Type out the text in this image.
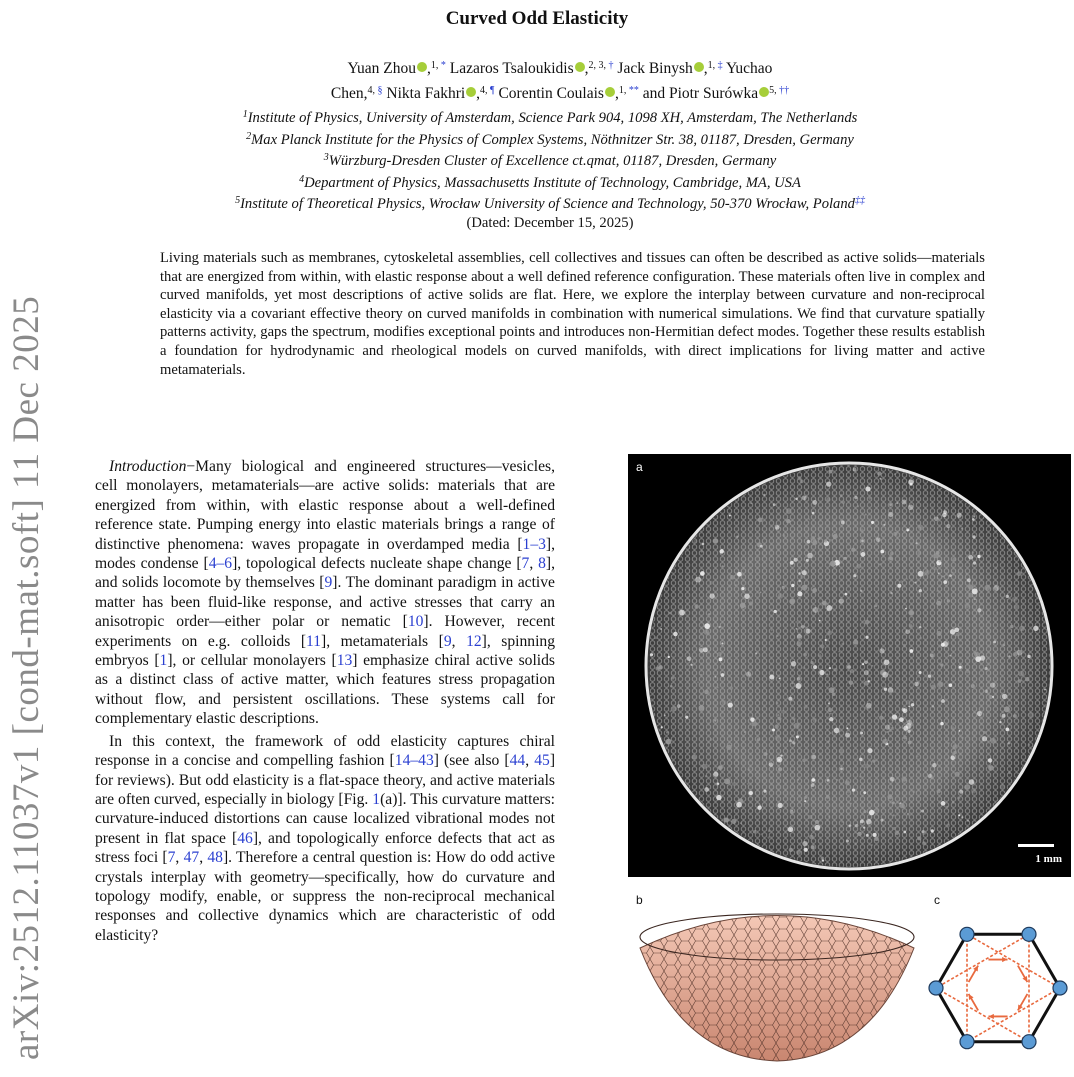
Curved Odd Elasticity
Yuan Zhou ,$^{1,}$ * Lazaros Tsaloukidis ,$^{2, 3,}$ † Jack Binysh ,$^{1,}$ ‡ Yuchao
Chen,$^{4,}$ § Nikta Fakhri ,$^{4,}$ ¶ Corentin Coulais ,$^{1,}$ ** and Piotr Surówka $^{5,}$ ††
$^1$Institute of Physics, University of Amsterdam, Science Park 904, 1098 XH, Amsterdam, The Netherlands
$^2$Max Planck Institute for the Physics of Complex Systems, Nöthnitzer Str. 38, 01187, Dresden, Germany
$^3$Würzburg-Dresden Cluster of Excellence ct.qmat, 01187, Dresden, Germany
$^4$Department of Physics, Massachusetts Institute of Technology, Cambridge, MA, USA
$^5$Institute of Theoretical Physics, Wrocław University of Science and Technology, 50-370 Wrocław, Poland‡‡
(Dated: December 15, 2025)
Living materials such as membranes, cytoskeletal assemblies, cell collectives and tissues can often be described as active solids—materials that are energized from within, with elastic response about a well defined reference configuration. These materials often live in complex and curved manifolds, yet most descriptions of active solids are flat. Here, we explore the interplay between curvature and non-reciprocal elasticity via a covariant effective theory on curved manifolds in combination with numerical simulations. We find that curvature spatially patterns activity, gaps the spectrum, modifies exceptional points and introduces non-Hermitian defect modes. Together these results establish a foundation for hydrodynamic and rheological models on curved manifolds, with direct implications for living matter and active metamaterials.
arXiv:2512.11037v1 [cond-mat.soft] 11 Dec 2025	Introduction−Many biological and engineered structures—vesicles, cell monolayers, metamaterials—are active solids: materials that are energized from within, with elastic response about a well-defined reference state. Pumping energy into elastic materials brings a range of distinctive phenomena: waves propagate in overdamped media [1–3], modes condense [4–6], topological defects nucleate shape change [7, 8], and solids locomote by themselves [9]. The dominant paradigm in active matter has been fluid-like response, and active stresses that carry an anisotropic order—either polar or nematic [10]. However, recent experiments on e.g. colloids [11], metamaterials [9, 12], spinning embryos [1], or cellular monolayers [13] emphasize chiral active solids as a distinct class of active matter, which features stress propagation without flow, and persistent oscillations. These systems call for complementary elastic descriptions.

In this context, the framework of odd elasticity captures chiral response in a concise and compelling fashion [14–43] (see also [44, 45] for reviews). But odd elasticity is a flat-space theory, and active materials are often curved, especially in biology [Fig. 1(a)]. This curvature matters: curvature-induced distortions can cause localized vibrational modes not present in flat space [46], and topologically enforce defects that act as stress foci [7, 47, 48]. Therefore a central question is: How do odd active crystals interplay with geometry—specifically, how do curvature and topology modify, enable, or suppress the non-reciprocal mechanical responses and collective dynamics which are characteristic of odd elasticity?

a
1 mm
b	c
